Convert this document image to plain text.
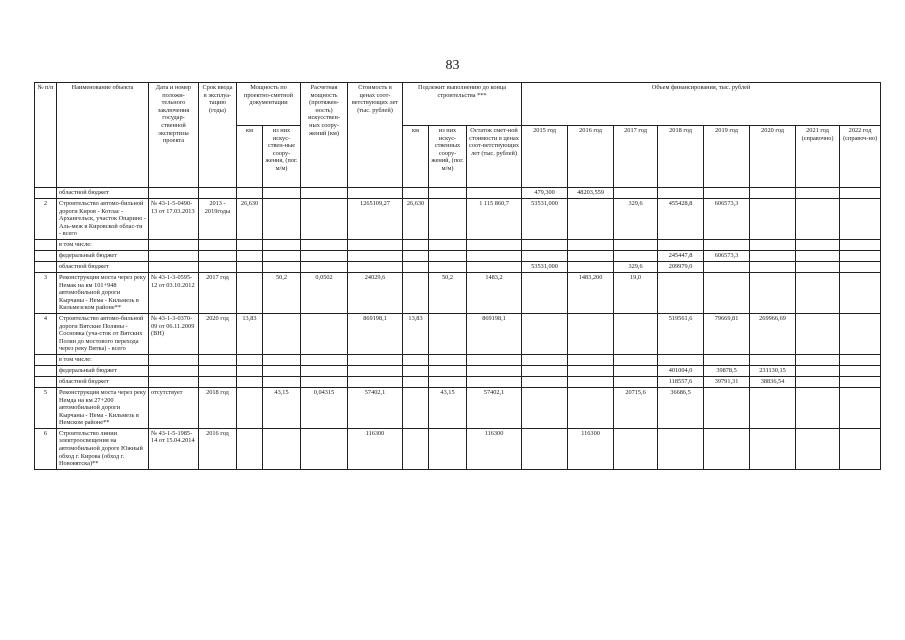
83
№ п/п	Наименование объекта	Дата и номер положи-тельного заключения государ-ственной экспертизы проекта	Срок ввода в эксплуа-тацию (годы)	Мощность по проектно-сметной документации		Расчетная мощность (протяжен-ность) искусствен-ных соору-жений (км)	Стоимость в ценах соот-ветствующих лет (тыс. рублей)	Подлежит выполнению до конца строительства ***			Объем финансирования, тыс. рублей							
				км	из них искус-ствен-ные соору-жения, (пог. м/м)			км	из них искус-ственных соору-жений, (пог. м/м)	Остаток смет-ной стоимости в ценах соот-ветствующих лет (тыс. рублей)	2015 год	2016 год	2017 год	2018 год	2019 год	2020 год	2021 год (справочно)	2022 год (справоч-но)
	областной бюджет										479,300	48203,559						
2	Строительство автомо-бильной дороги Киров - Котлас - Архангельск, участок Опарино - Аль-меж в Кировской облас-ти - всего	№ 43-1-5-0490-13 от 17.03.2013	2013 - 2019годы	26,630			1265109,27	26,630		1 115 860,7	53531,000		329,6	455428,8	606573,3			
	в том числе:																	
	федеральный бюджет													245447,8	606573,3			
	областной бюджет										53531,000		329,6	209979,0				
3	Реконструкция моста через реку Немак на км 101+948 автомобильной дороги Кырчаны - Нема - Кильмезь в Кильмезском районе**	№ 43-1-3-0595-12 от 03.10.2012	2017 год		50,2	0,0502	24029,6		50,2	1483,2		1483,200	19,0					
4	Строительство автомо-бильной дороги Вятские Поляны - Сосновка (уча-сток от Вятских Полян до мостового перехода через реку Вятка) - всего	№ 43-1-3-0370-09 от 06.11.2009 (ВН)	2020 год	13,83			869198,1	13,83		869198,1				519561,6	79669,81	269966,69		
	в том числе:																	
	федеральный бюджет													401004,0	39878,5	231130,15		
	областной бюджет													118557,6	39791,31	38836,54		
5	Реконструкция моста через реку Немда на км 27+200 автомобильной дороги Кырчаны - Нема - Кильмезь в Немском районе**	отсутствует	2018 год		43,15	0,04315	57402,1		43,15	57402,1			20715,6	36686,5				
6	Строительство линии электроосвещения на автомобильной дороге Южный обход г. Кирова (обход г. Нововятска)**	№ 43-1-5-1985-14 от 15.04.2014	2016 год				116300			116300		116300						
